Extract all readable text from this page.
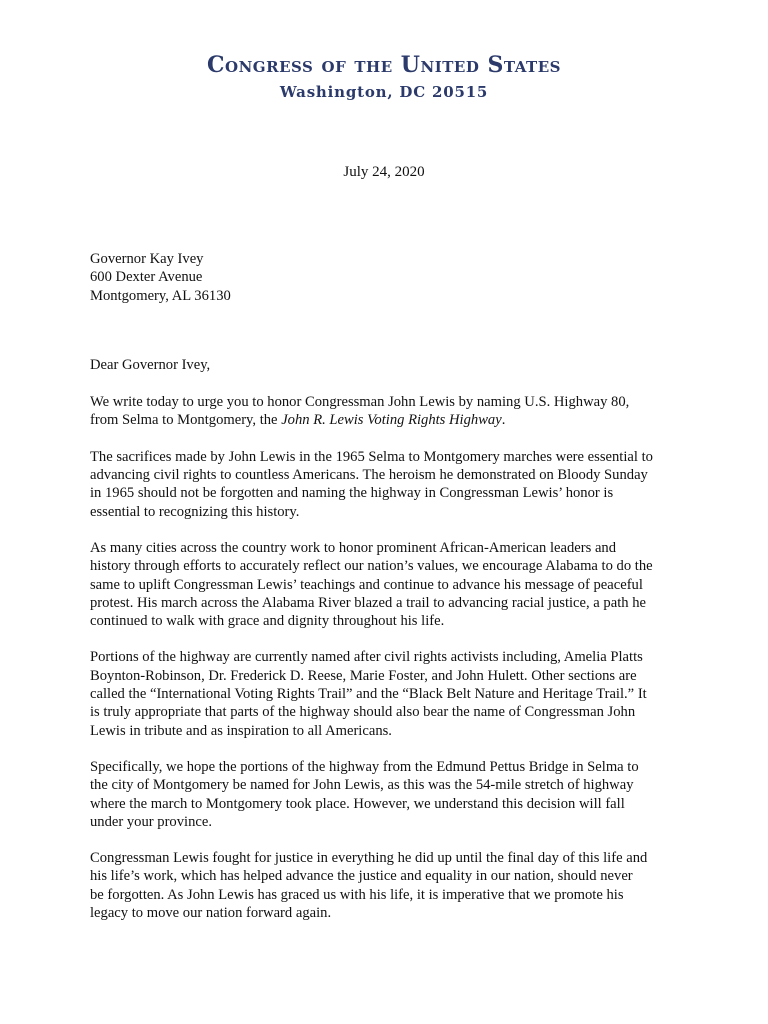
Congress of the United States
Washington, DC 20515
July 24, 2020
Governor Kay Ivey
600 Dexter Avenue
Montgomery, AL 36130
Dear Governor Ivey,
We write today to urge you to honor Congressman John Lewis by naming U.S. Highway 80,
from Selma to Montgomery, the John R. Lewis Voting Rights Highway.
The sacrifices made by John Lewis in the 1965 Selma to Montgomery marches were essential to
advancing civil rights to countless Americans. The heroism he demonstrated on Bloody Sunday
in 1965 should not be forgotten and naming the highway in Congressman Lewis’ honor is
essential to recognizing this history.
As many cities across the country work to honor prominent African-American leaders and
history through efforts to accurately reflect our nation’s values, we encourage Alabama to do the
same to uplift Congressman Lewis’ teachings and continue to advance his message of peaceful
protest. His march across the Alabama River blazed a trail to advancing racial justice, a path he
continued to walk with grace and dignity throughout his life.
Portions of the highway are currently named after civil rights activists including, Amelia Platts
Boynton-Robinson, Dr. Frederick D. Reese, Marie Foster, and John Hulett. Other sections are
called the “International Voting Rights Trail” and the “Black Belt Nature and Heritage Trail.” It
is truly appropriate that parts of the highway should also bear the name of Congressman John
Lewis in tribute and as inspiration to all Americans.
Specifically, we hope the portions of the highway from the Edmund Pettus Bridge in Selma to
the city of Montgomery be named for John Lewis, as this was the 54-mile stretch of highway
where the march to Montgomery took place. However, we understand this decision will fall
under your province.
Congressman Lewis fought for justice in everything he did up until the final day of this life and
his life’s work, which has helped advance the justice and equality in our nation, should never
be forgotten. As John Lewis has graced us with his life, it is imperative that we promote his
legacy to move our nation forward again.
